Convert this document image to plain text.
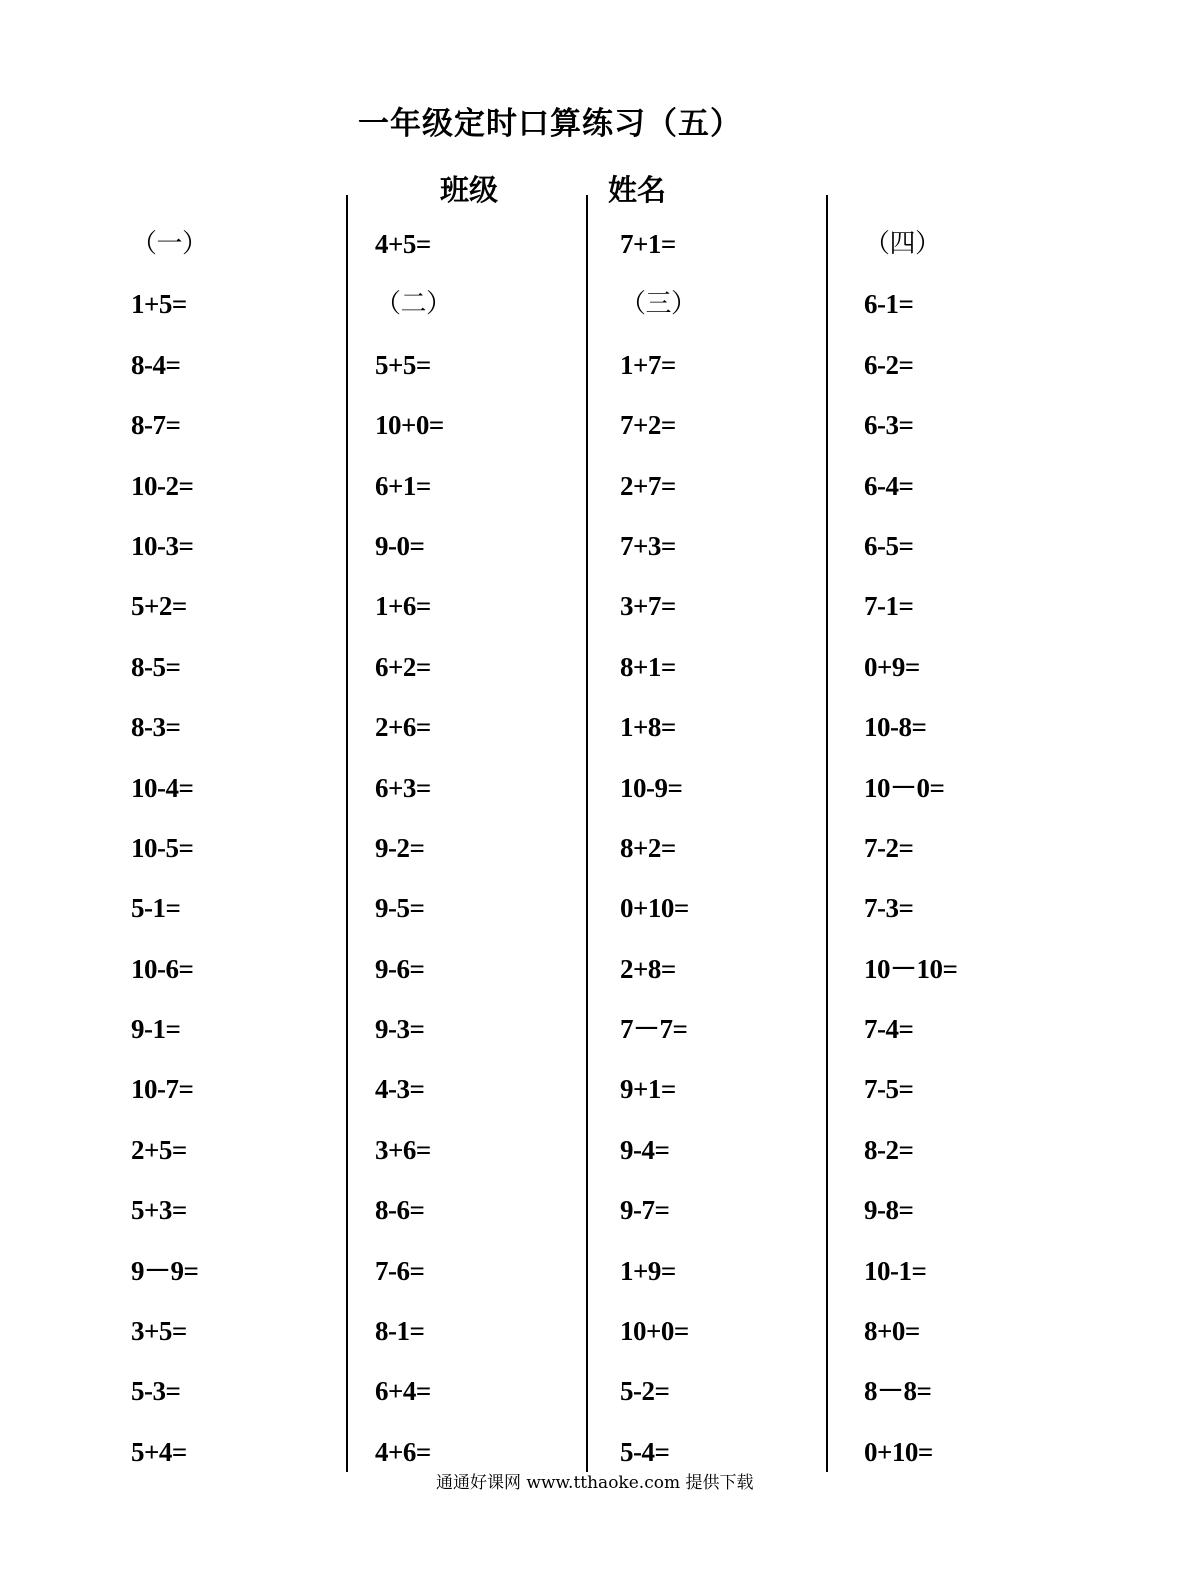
一年级定时口算练习（五）
班级	姓名
（一）
1+5=
8-4=
8-7=
10-2=
10-3=
5+2=
8-5=
8-3=
10-4=
10-5=
5-1=
10-6=
9-1=
10-7=
2+5=
5+3=
9－9=
3+5=
5-3=
5+4=
4+5=
（二）
5+5=
10+0=
6+1=
9-0=
1+6=
6+2=
2+6=
6+3=
9-2=
9-5=
9-6=
9-3=
4-3=
3+6=
8-6=
7-6=
8-1=
6+4=
4+6=
7+1=
（三）
1+7=
7+2=
2+7=
7+3=
3+7=
8+1=
1+8=
10-9=
8+2=
0+10=
2+8=
7－7=
9+1=
9-4=
9-7=
1+9=
10+0=
5-2=
5-4=
（四）
6-1=
6-2=
6-3=
6-4=
6-5=
7-1=
0+9=
10-8=
10－0=
7-2=
7-3=
10－10=
7-4=
7-5=
8-2=
9-8=
10-1=
8+0=
8－8=
0+10=
通通好课网 www.tthaoke.com 提供下载
